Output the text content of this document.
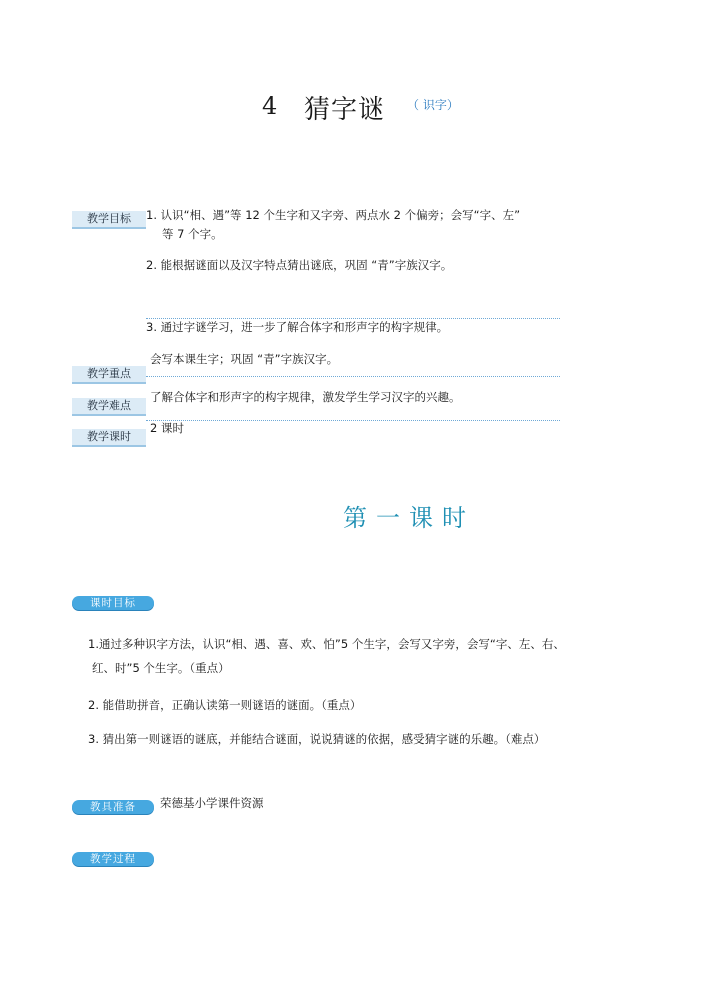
4 猜字谜 （ 识字）
教学目标	1. 认识“相、遇”等 12 个生字和又字旁、两点水 2 个偏旁；会写“字、左”
等 7 个字。
2. 能根据谜面以及汉字特点猜出谜底，巩固 “青”字族汉字。
3. 通过字谜学习，进一步了解合体字和形声字的构字规律。
会写本课生字；巩固 “青”字族汉字。
教学重点
了解合体字和形声字的构字规律，激发学生学习汉字的兴趣。
教学难点
2 课时
教学课时
第一课时
课时目标
1.通过多种识字方法，认识“相、遇、喜、欢、怕”5 个生字，会写又字旁，会写“字、左、右、
红、时”5 个生字。（重点）
2. 能借助拼音，正确认读第一则谜语的谜面。（重点）
3. 猜出第一则谜语的谜底，并能结合谜面，说说猜谜的依据，感受猜字谜的乐趣。（难点）
教具准备	荣德基小学课件资源
教学过程
